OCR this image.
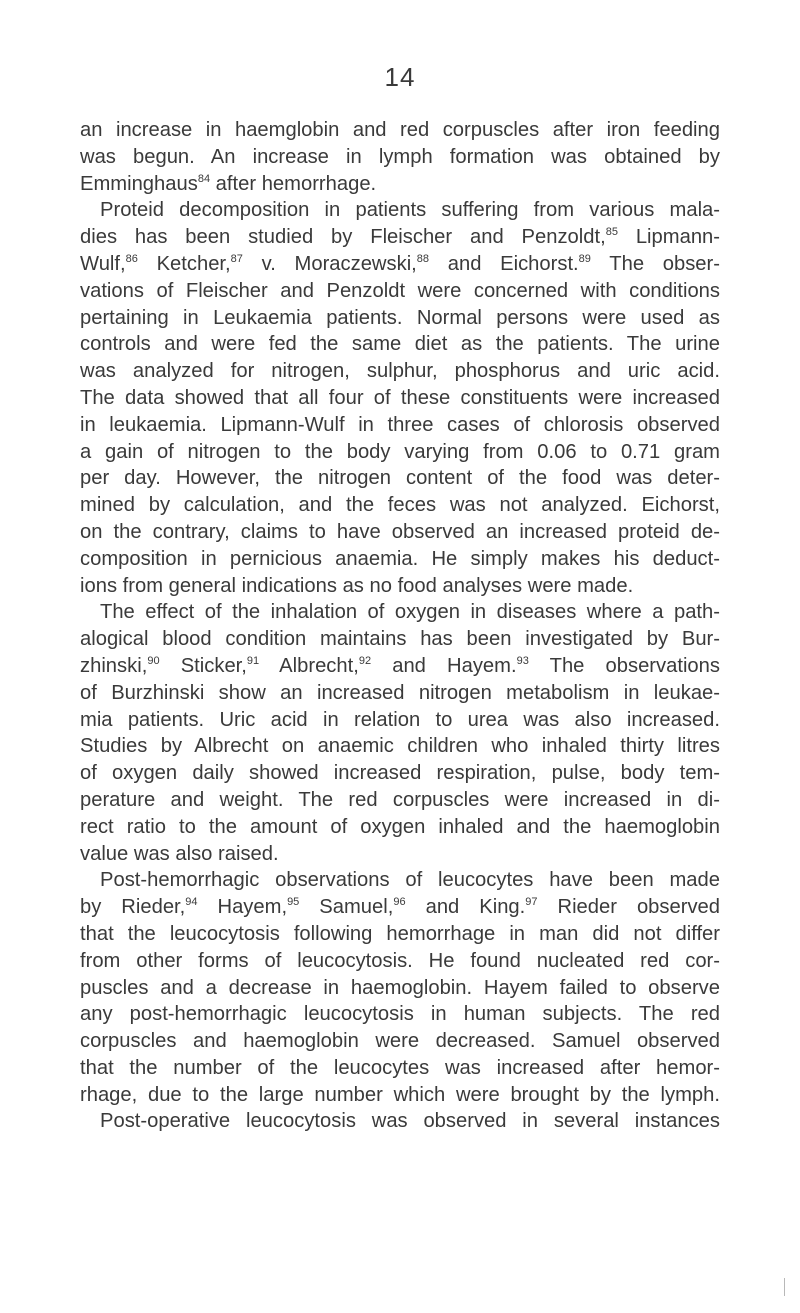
14
an increase in haemglobin and red corpuscles after iron feeding
was begun. An increase in lymph formation was obtained by
Emminghaus$^{84}$ after hemorrhage.
Proteid decomposition in patients suffering from various mala-
dies has been studied by Fleischer and Penzoldt,$^{85}$ Lipmann-
Wulf,$^{86}$ Ketcher,$^{87}$ v. Moraczewski,$^{88}$ and Eichorst.$^{89}$ The obser-
vations of Fleischer and Penzoldt were concerned with conditions
pertaining in Leukaemia patients. Normal persons were used as
controls and were fed the same diet as the patients. The urine
was analyzed for nitrogen, sulphur, phosphorus and uric acid.
The data showed that all four of these constituents were increased
in leukaemia. Lipmann-Wulf in three cases of chlorosis observed
a gain of nitrogen to the body varying from 0.06 to 0.71 gram
per day. However, the nitrogen content of the food was deter-
mined by calculation, and the feces was not analyzed. Eichorst,
on the contrary, claims to have observed an increased proteid de-
composition in pernicious anaemia. He simply makes his deduct-
ions from general indications as no food analyses were made.
The effect of the inhalation of oxygen in diseases where a path-
alogical blood condition maintains has been investigated by Bur-
zhinski,$^{90}$ Sticker,$^{91}$ Albrecht,$^{92}$ and Hayem.$^{93}$ The observations
of Burzhinski show an increased nitrogen metabolism in leukae-
mia patients. Uric acid in relation to urea was also increased.
Studies by Albrecht on anaemic children who inhaled thirty litres
of oxygen daily showed increased respiration, pulse, body tem-
perature and weight. The red corpuscles were increased in di-
rect ratio to the amount of oxygen inhaled and the haemoglobin
value was also raised.
Post-hemorrhagic observations of leucocytes have been made
by Rieder,$^{94}$ Hayem,$^{95}$ Samuel,$^{96}$ and King.$^{97}$ Rieder observed
that the leucocytosis following hemorrhage in man did not differ
from other forms of leucocytosis. He found nucleated red cor-
puscles and a decrease in haemoglobin. Hayem failed to observe
any post-hemorrhagic leucocytosis in human subjects. The red
corpuscles and haemoglobin were decreased. Samuel observed
that the number of the leucocytes was increased after hemor-
rhage, due to the large number which were brought by the lymph.
Post-operative leucocytosis was observed in several instances
